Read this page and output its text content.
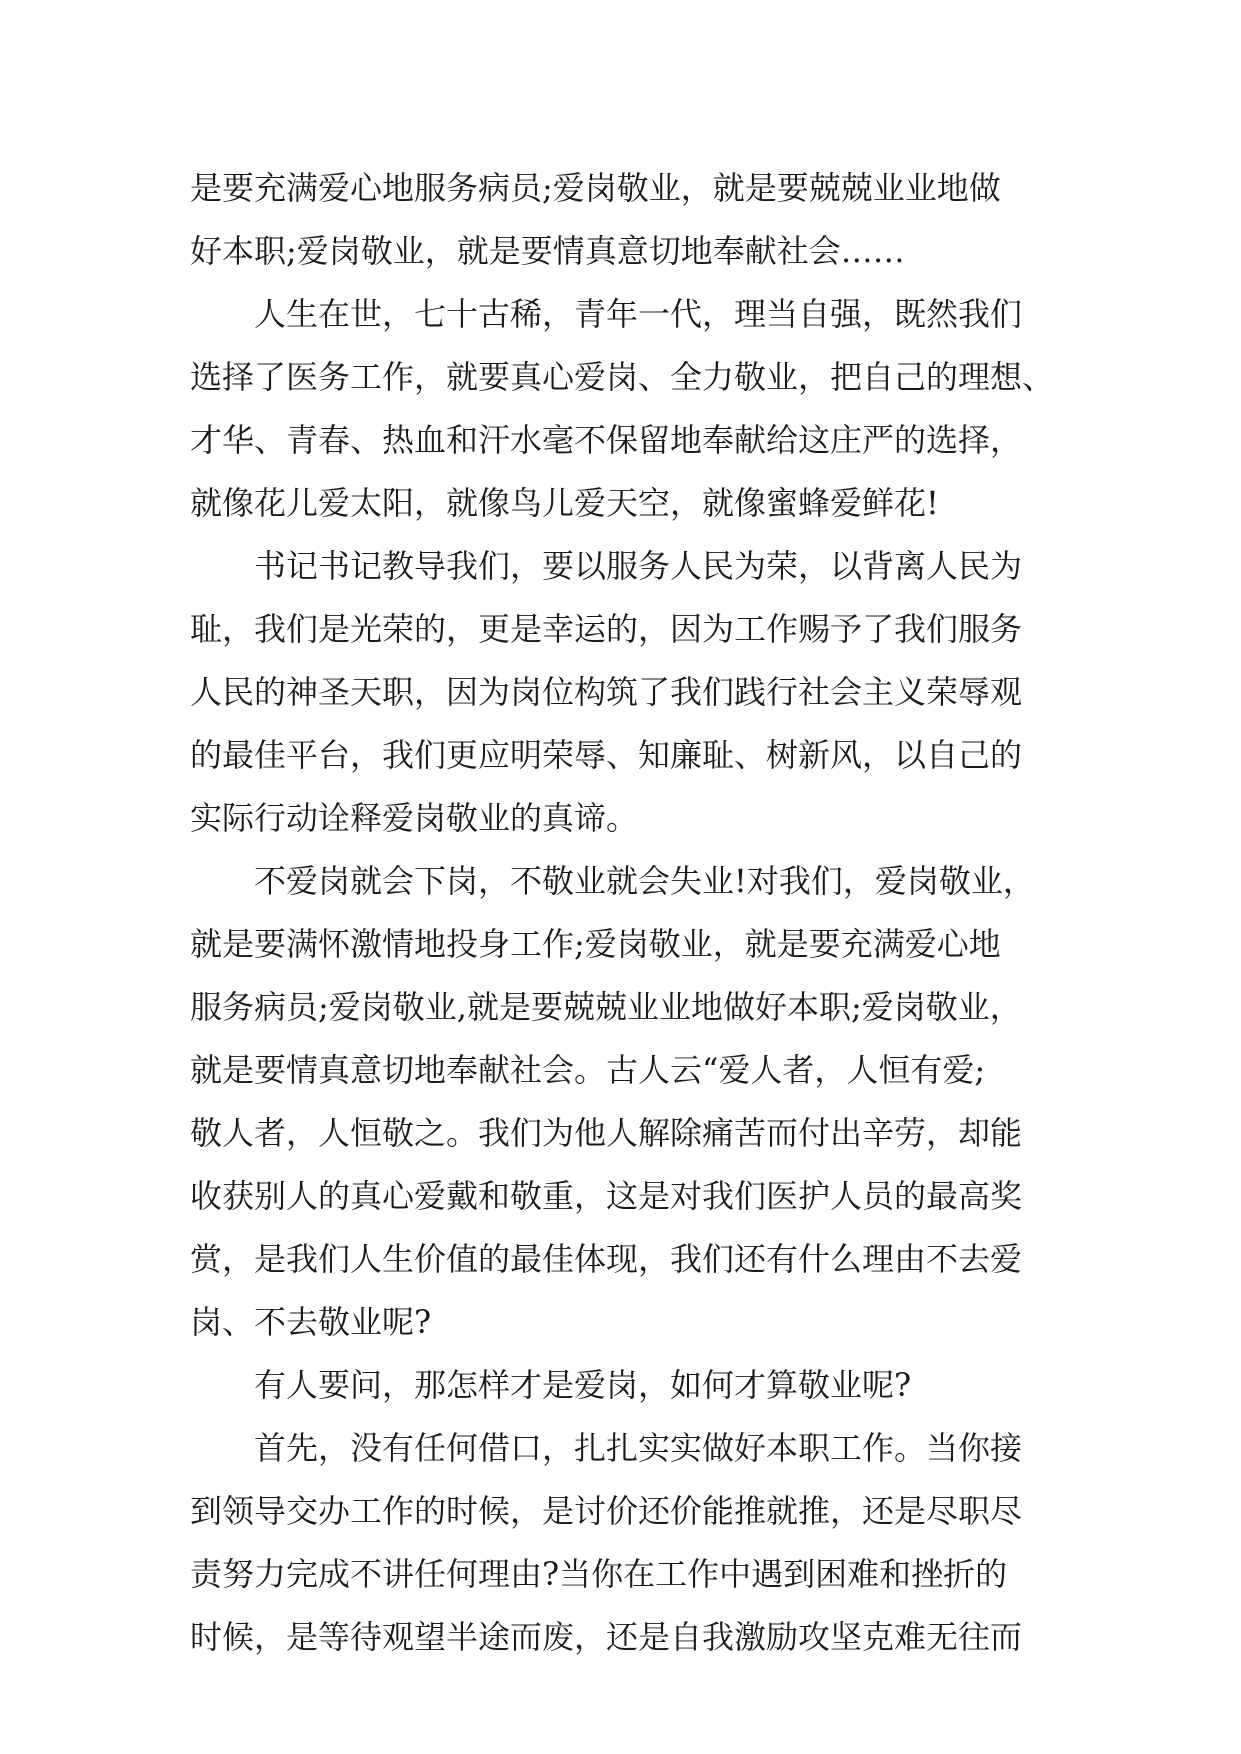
是要充满爱心地服务病员;爱岗敬业，就是要兢兢业业地做
好本职;爱岗敬业，就是要情真意切地奉献社会……
人生在世，七十古稀，青年一代，理当自强，既然我们
选择了医务工作，就要真心爱岗、全力敬业，把自己的理想、
才华、青春、热血和汗水毫不保留地奉献给这庄严的选择，
就像花儿爱太阳，就像鸟儿爱天空，就像蜜蜂爱鲜花!
书记书记教导我们，要以服务人民为荣，以背离人民为
耻，我们是光荣的，更是幸运的，因为工作赐予了我们服务
人民的神圣天职，因为岗位构筑了我们践行社会主义荣辱观
的最佳平台，我们更应明荣辱、知廉耻、树新风，以自己的
实际行动诠释爱岗敬业的真谛。
不爱岗就会下岗，不敬业就会失业!对我们，爱岗敬业，
就是要满怀激情地投身工作;爱岗敬业，就是要充满爱心地
服务病员;爱岗敬业,就是要兢兢业业地做好本职;爱岗敬业，
就是要情真意切地奉献社会。古人云“爱人者，人恒有爱;
敬人者，人恒敬之。我们为他人解除痛苦而付出辛劳，却能
收获别人的真心爱戴和敬重，这是对我们医护人员的最高奖
赏，是我们人生价值的最佳体现，我们还有什么理由不去爱
岗、不去敬业呢?
有人要问，那怎样才是爱岗，如何才算敬业呢?
首先，没有任何借口，扎扎实实做好本职工作。当你接
到领导交办工作的时候，是讨价还价能推就推，还是尽职尽
责努力完成不讲任何理由?当你在工作中遇到困难和挫折的
时候，是等待观望半途而废，还是自我激励攻坚克难无往而
